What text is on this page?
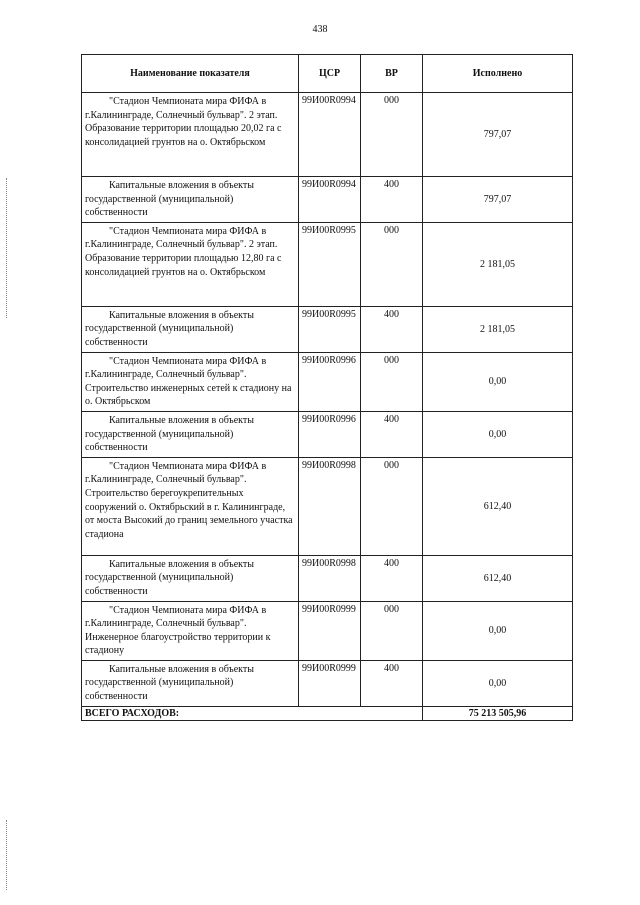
438
Наименование показателя	ЦСР	ВР	Исполнено
"Стадион Чемпионата мира ФИФА в г.Калининграде, Солнечный бульвар". 2 этап. Образование территории площадью 20,02 га с консолидацией грунтов на о. Октябрьском	99И00R0994	000	797,07
Капитальные вложения в объекты государственной (муниципальной) собственности	99И00R0994	400	797,07
"Стадион Чемпионата мира ФИФА в г.Калининграде, Солнечный бульвар". 2 этап. Образование территории площадью 12,80 га с консолидацией грунтов на о. Октябрьском	99И00R0995	000	2 181,05
Капитальные вложения в объекты государственной (муниципальной) собственности	99И00R0995	400	2 181,05
"Стадион Чемпионата мира ФИФА в г.Калининграде, Солнечный бульвар". Строительство инженерных сетей к стадиону на о. Октябрьском	99И00R0996	000	0,00
Капитальные вложения в объекты государственной (муниципальной) собственности	99И00R0996	400	0,00
"Стадион Чемпионата мира ФИФА в г.Калининграде, Солнечный бульвар". Строительство берегоукрепительных сооружений о. Октябрьский в г. Калининграде, от моста Высокий до границ земельного участка стадиона	99И00R0998	000	612,40
Капитальные вложения в объекты государственной (муниципальной) собственности	99И00R0998	400	612,40
"Стадион Чемпионата мира ФИФА в г.Калининграде, Солнечный бульвар". Инженерное благоустройство территории к стадиону	99И00R0999	000	0,00
Капитальные вложения в объекты государственной (муниципальной) собственности	99И00R0999	400	0,00
ВСЕГО РАСХОДОВ:			75 213 505,96
